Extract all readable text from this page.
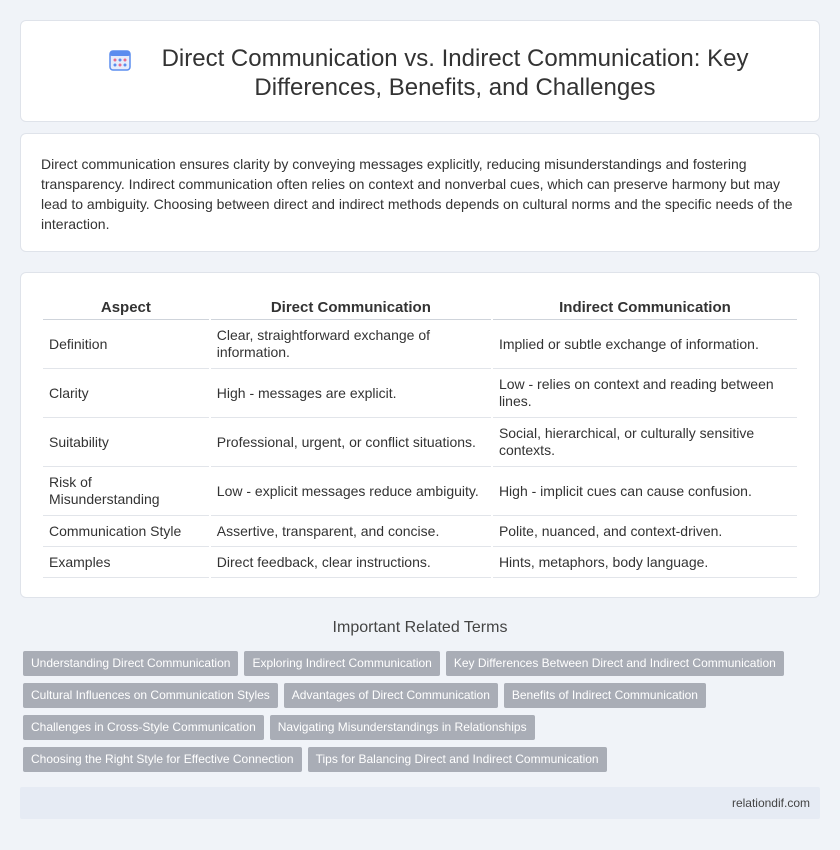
Direct Communication vs. Indirect Communication: Key Differences, Benefits, and Challenges

Direct communication ensures clarity by conveying messages explicitly, reducing misunderstandings and fostering transparency. Indirect communication often relies on context and nonverbal cues, which can preserve harmony but may lead to ambiguity. Choosing between direct and indirect methods depends on cultural norms and the specific needs of the interaction.

Aspect	Direct Communication	Indirect Communication
Definition	Clear, straightforward exchange of information.	Implied or subtle exchange of information.
Clarity	High - messages are explicit.	Low - relies on context and reading between lines.
Suitability	Professional, urgent, or conflict situations.	Social, hierarchical, or culturally sensitive contexts.
Risk of Misunderstanding	Low - explicit messages reduce ambiguity.	High - implicit cues can cause confusion.
Communication Style	Assertive, transparent, and concise.	Polite, nuanced, and context-driven.
Examples	Direct feedback, clear instructions.	Hints, metaphors, body language.
Important Related Terms
Understanding Direct Communication Exploring Indirect Communication Key Differences Between Direct and Indirect Communication
Cultural Influences on Communication Styles Advantages of Direct Communication Benefits of Indirect Communication
Challenges in Cross-Style Communication Navigating Misunderstandings in Relationships
Choosing the Right Style for Effective Connection Tips for Balancing Direct and Indirect Communication
relationdif.com
